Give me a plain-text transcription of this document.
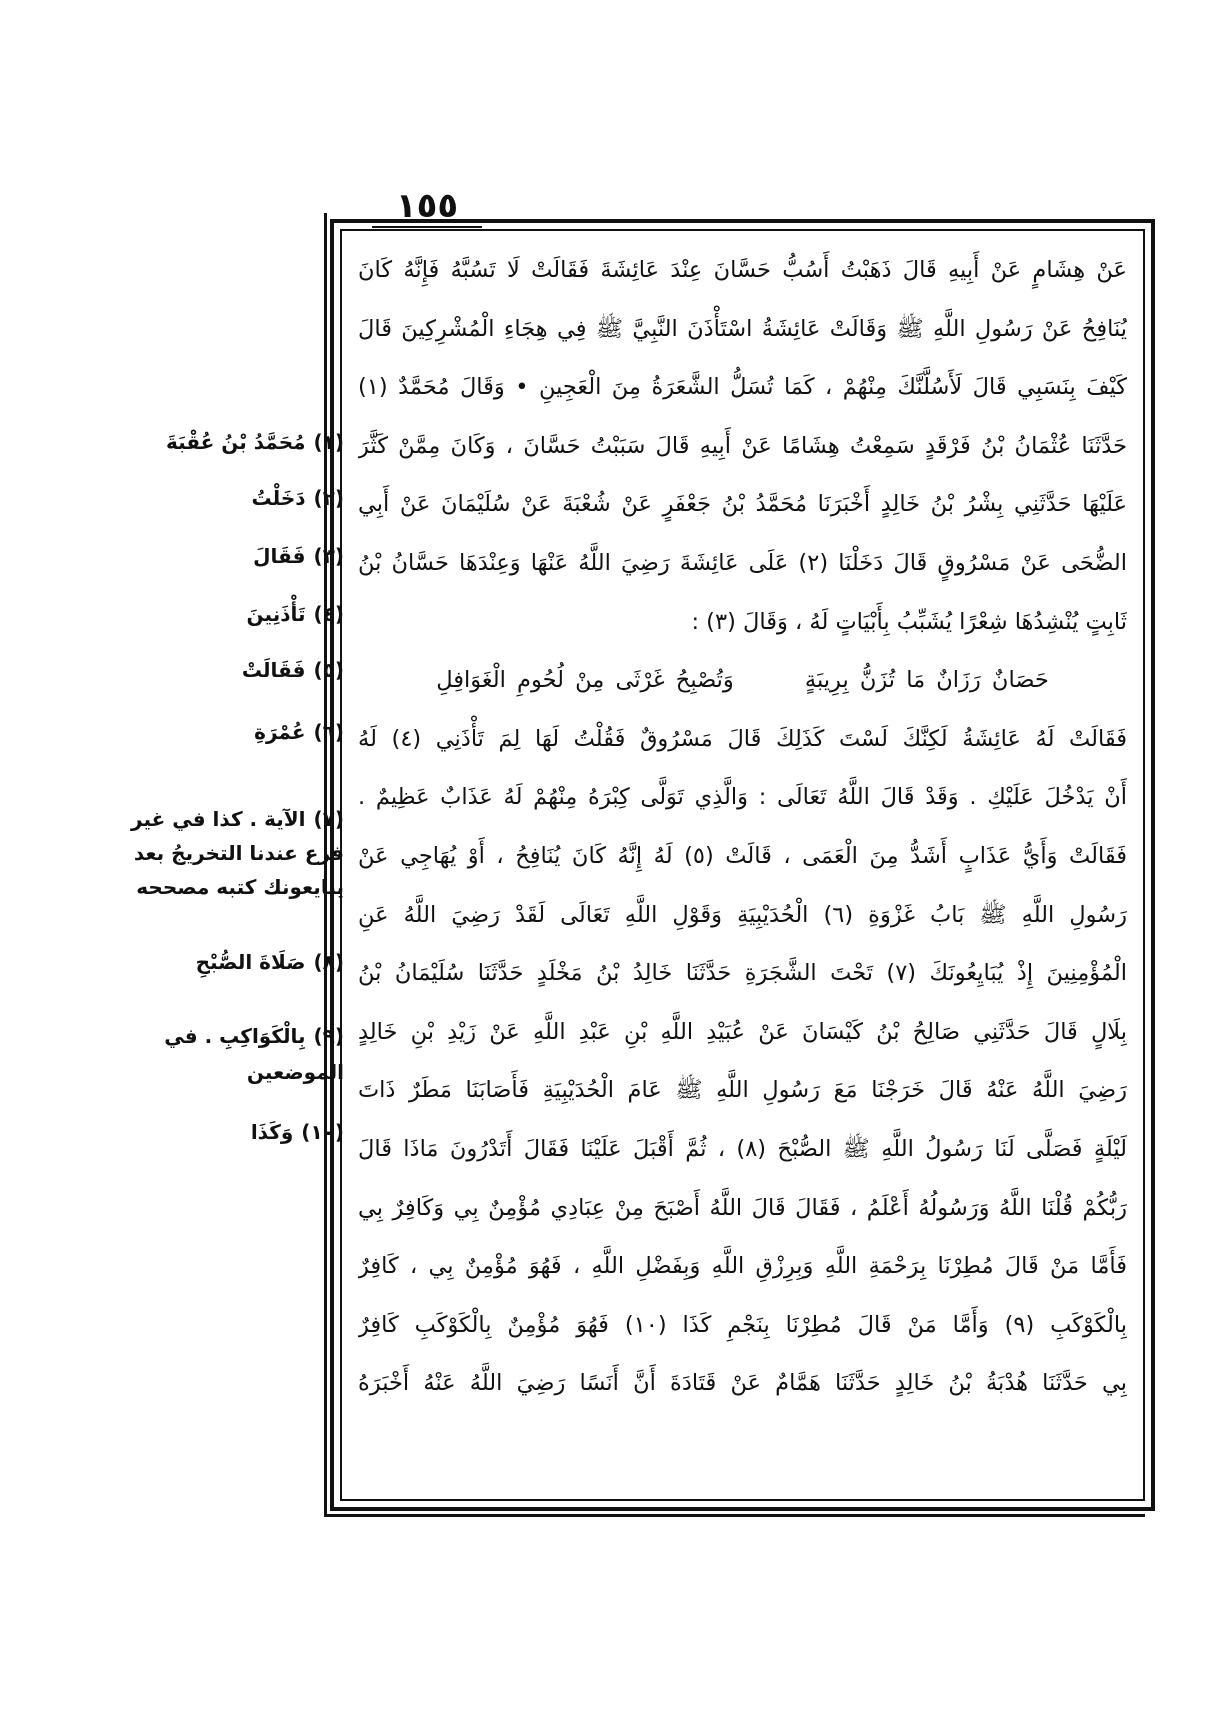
١٥٥
عَنْ هِشَامٍ عَنْ أَبِيهِ قَالَ ذَهَبْتُ أَسُبُّ حَسَّانَ عِنْدَ عَائِشَةَ فَقَالَتْ لَا تَسُبَّهُ فَإِنَّهُ كَانَ
يُنَافِحُ عَنْ رَسُولِ اللَّهِ ﷺ وَقَالَتْ عَائِشَةُ اسْتَأْذَنَ النَّبِيَّ ﷺ فِي هِجَاءِ الْمُشْرِكِينَ قَالَ
كَيْفَ بِنَسَبِي قَالَ لَأَسُلَّنَّكَ مِنْهُمْ ، كَمَا تُسَلُّ الشَّعَرَةُ مِنَ الْعَجِينِ • وَقَالَ مُحَمَّدٌ (١)
حَدَّثَنَا عُثْمَانُ بْنُ فَرْقَدٍ سَمِعْتُ هِشَامًا عَنْ أَبِيهِ قَالَ سَبَبْتُ حَسَّانَ ، وَكَانَ مِمَّنْ كَثَّرَ
عَلَيْهَا حَدَّثَنِي بِشْرُ بْنُ خَالِدٍ أَخْبَرَنَا مُحَمَّدُ بْنُ جَعْفَرٍ عَنْ شُعْبَةَ عَنْ سُلَيْمَانَ عَنْ أَبِي
الضُّحَى عَنْ مَسْرُوقٍ قَالَ دَخَلْنَا (٢) عَلَى عَائِشَةَ رَضِيَ اللَّهُ عَنْهَا وَعِنْدَهَا حَسَّانُ بْنُ
ثَابِتٍ يُنْشِدُهَا شِعْرًا يُشَبِّبُ بِأَبْيَاتٍ لَهُ ، وَقَالَ (٣) :
حَصَانٌ رَزَانٌ مَا تُزَنُّ بِرِيبَةٍ وَتُصْبِحُ غَرْثَى مِنْ لُحُومِ الْغَوَافِلِ
فَقَالَتْ لَهُ عَائِشَةُ لَكِنَّكَ لَسْتَ كَذَلِكَ قَالَ مَسْرُوقٌ فَقُلْتُ لَهَا لِمَ تَأْذَنِي (٤) لَهُ
أَنْ يَدْخُلَ عَلَيْكِ . وَقَدْ قَالَ اللَّهُ تَعَالَى : وَالَّذِي تَوَلَّى كِبْرَهُ مِنْهُمْ لَهُ عَذَابٌ عَظِيمٌ .
فَقَالَتْ وَأَيُّ عَذَابٍ أَشَدُّ مِنَ الْعَمَى ، قَالَتْ (٥) لَهُ إِنَّهُ كَانَ يُنَافِحُ ، أَوْ يُهَاجِي عَنْ
رَسُولِ اللَّهِ ﷺ بَابُ غَزْوَةِ (٦) الْحُدَيْبِيَةِ وَقَوْلِ اللَّهِ تَعَالَى لَقَدْ رَضِيَ اللَّهُ عَنِ
الْمُؤْمِنِينَ إِذْ يُبَايِعُونَكَ (٧) تَحْتَ الشَّجَرَةِ حَدَّثَنَا خَالِدُ بْنُ مَخْلَدٍ حَدَّثَنَا سُلَيْمَانُ بْنُ
بِلَالٍ قَالَ حَدَّثَنِي صَالِحُ بْنُ كَيْسَانَ عَنْ عُبَيْدِ اللَّهِ بْنِ عَبْدِ اللَّهِ عَنْ زَيْدِ بْنِ خَالِدٍ
رَضِيَ اللَّهُ عَنْهُ قَالَ خَرَجْنَا مَعَ رَسُولِ اللَّهِ ﷺ عَامَ الْحُدَيْبِيَةِ فَأَصَابَنَا مَطَرٌ ذَاتَ
لَيْلَةٍ فَصَلَّى لَنَا رَسُولُ اللَّهِ ﷺ الصُّبْحَ (٨) ، ثُمَّ أَقْبَلَ عَلَيْنَا فَقَالَ أَتَدْرُونَ مَاذَا قَالَ
رَبُّكُمْ قُلْنَا اللَّهُ وَرَسُولُهُ أَعْلَمُ ، فَقَالَ قَالَ اللَّهُ أَصْبَحَ مِنْ عِبَادِي مُؤْمِنٌ بِي وَكَافِرٌ بِي
فَأَمَّا مَنْ قَالَ مُطِرْنَا بِرَحْمَةِ اللَّهِ وَبِرِزْقِ اللَّهِ وَبِفَضْلِ اللَّهِ ، فَهُوَ مُؤْمِنٌ بِي ، كَافِرٌ
بِالْكَوْكَبِ (٩) وَأَمَّا مَنْ قَالَ مُطِرْنَا بِنَجْمِ كَذَا (١٠) فَهُوَ مُؤْمِنٌ بِالْكَوْكَبِ كَافِرٌ
بِي حَدَّثَنَا هُدْبَةُ بْنُ خَالِدٍ حَدَّثَنَا هَمَّامٌ عَنْ قَتَادَةَ أَنَّ أَنَسًا رَضِيَ اللَّهُ عَنْهُ أَخْبَرَهُ
(١)مُحَمَّدُ بْنُ عُقْبَةَ
(٢)دَخَلْتُ
(٣)فَقَالَ
(٤)تَأْذَنِينَ
(٥)فَقَالَتْ
(٦)عُمْرَةِ
(٧)الآية . كذا في غير
فرع عندنا التخريجُ بعد
يبايعونك كتبه مصححه
(٨)صَلَاةَ الصُّبْحِ
(٩)بِالْكَوَاكِبِ . في
الموضعين
(١٠)وَكَذَا
